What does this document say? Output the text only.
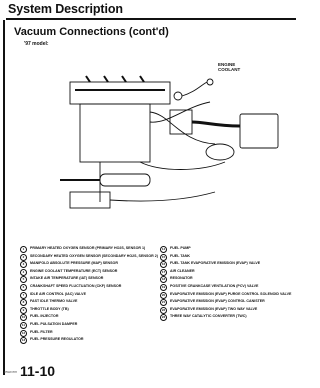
System Description
Vacuum Connections (cont'd)
'97 model:
ENGINE COOLANT
1	PRIMARY HEATED OXYGEN SENSOR (PRIMARY HO2S, SENSOR 1)
2	SECONDARY HEATED OXYGEN SENSOR (SECONDARY HO2S, SENSOR 2)
3	MANIFOLD ABSOLUTE PRESSURE (MAP) SENSOR
4	ENGINE COOLANT TEMPERATURE (ECT) SENSOR
5	INTAKE AIR TEMPERATURE (IAT) SENSOR
6	CRANKSHAFT SPEED FLUCTUATION (CKF) SENSOR
7	IDLE AIR CONTROL (IAC) VALVE
8	FAST IDLE THERMO VALVE
9	THROTTLE BODY (TB)
10	FUEL INJECTOR
11	FUEL PULSATION DAMPER
12	FUEL FILTER
13	FUEL PRESSURE REGULATOR
14	FUEL PUMP
15	FUEL TANK
16	FUEL TANK EVAPORATIVE EMISSION (EVAP) VALVE
17	AIR CLEANER
18	RESONATOR
19	POSITIVE CRANKCASE VENTILATION (PCV) VALVE
20	EVAPORATIVE EMISSION (EVAP) PURGE CONTROL SOLENOID VALVE
21	EVAPORATIVE EMISSION (EVAP) CONTROL CANISTER
22	EVAPORATIVE EMISSION (EVAP) TWO WAY VALVE
23	THREE WAY CATALYTIC CONVERTER (TWC)
11-10
www.em
